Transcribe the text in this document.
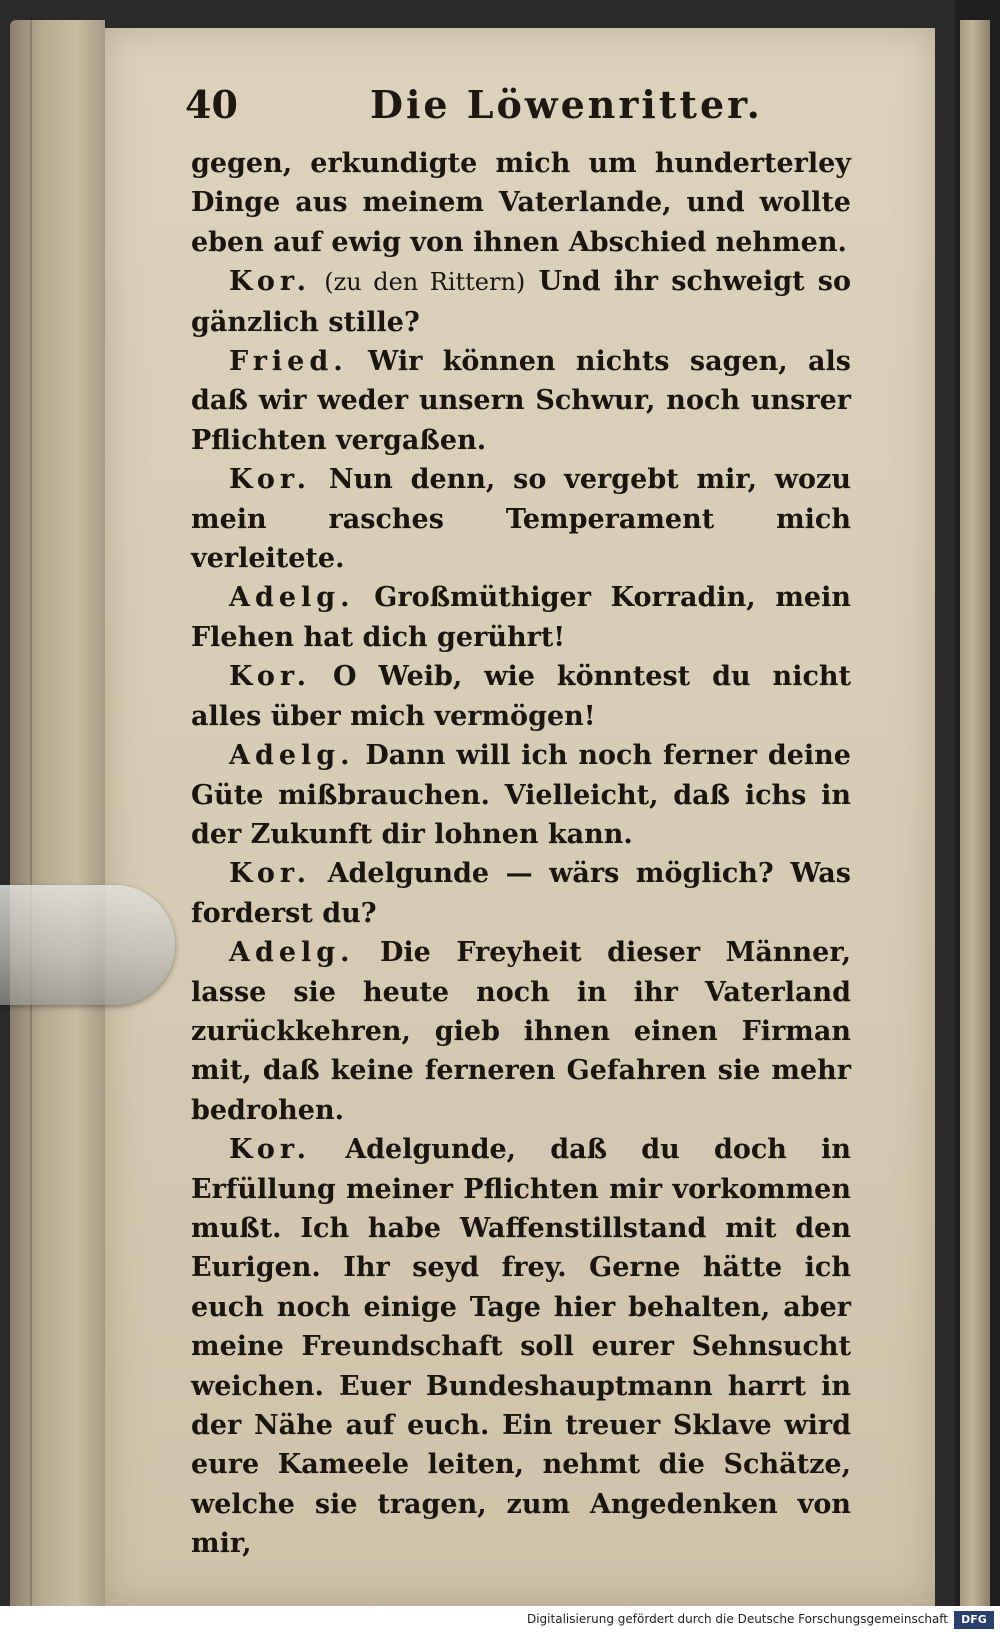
40	Die Löwenritter.

gegen, erkundigte mich um hunderterley Dinge aus meinem Vaterlande, und wollte eben auf ewig von ihnen Abschied nehmen.

Kor. (zu den Rittern) Und ihr schweigt so gänzlich stille?

Fried. Wir können nichts sagen, als daß wir weder unsern Schwur, noch unsrer Pflichten vergaßen.

Kor. Nun denn, so vergebt mir, wozu mein rasches Temperament mich verleitete.

Adelg. Großmüthiger Korradin, mein Flehen hat dich gerührt!

Kor. O Weib, wie könntest du nicht alles über mich vermögen!

Adelg. Dann will ich noch ferner deine Güte mißbrauchen. Vielleicht, daß ichs in der Zukunft dir lohnen kann.

Kor. Adelgunde — wärs möglich? Was forderst du?

Adelg. Die Freyheit dieser Männer, lasse sie heute noch in ihr Vaterland zurückkehren, gieb ihnen einen Firman mit, daß keine ferneren Gefahren sie mehr bedrohen.

Kor. Adelgunde, daß du doch in Erfüllung meiner Pflichten mir vorkommen mußt. Ich habe Waffenstillstand mit den Eurigen. Ihr seyd frey. Gerne hätte ich euch noch einige Tage hier behalten, aber meine Freundschaft soll eurer Sehnsucht weichen. Euer Bundeshauptmann harrt in der Nähe auf euch. Ein treuer Sklave wird eure Kameele leiten, nehmt die Schätze, welche sie tragen, zum Angedenken von mir,

Digitalisierung gefördert durch die Deutsche Forschungsgemeinschaft	DFG
